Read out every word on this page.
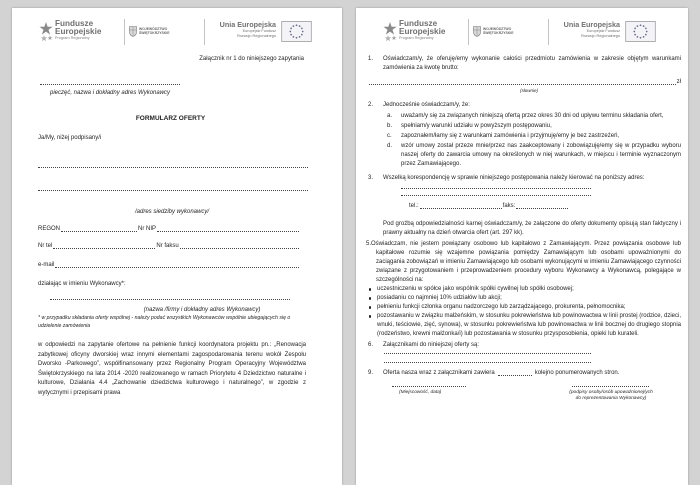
Fundusze
Europejskie
Program Regionalny
WOJEWÓDZTWO
ŚWIĘTOKRZYSKIE
Unia Europejska
Europejski Fundusz
Rozwoju Regionalnego
Załącznik nr 1 do niniejszego zapytania
pieczęć, nazwa i dokładny adres Wykonawcy
FORMULARZ OFERTY
Ja/My, niżej podpisany/i
/adres siedziby wykonawcy/
REGON	Nr NIP
Nr tel	Nr faksu
e-mail
działając w imieniu Wykonawcy*:
(nazwa /firmy i dokładny adres Wykonawcy)
* w przypadku składania oferty wspólnej - należy podać wszystkich Wykonawców wspólnie ubiegających się o udzielenie zamówienia
w odpowiedzi na zapytanie ofertowe na pełnienie funkcji koordynatora projektu pn.: „Renowacja zabytkowej oficyny dworskiej wraz innymi elementami zagospodarowania terenu wokół Zespołu Dworsko -Parkowego”, współfinansowany przez Regionalny Program Operacyjny Województwa Świętokrzyskiego na lata 2014 -2020 realizowanego w ramach Priorytetu 4 Dziedzictwo naturalne i kulturowe, Działania 4.4 „Zachowanie dziedzictwa kulturowego i naturalnego”, w zgodzie z wytycznymi i przepisami prawa
Fundusze
Europejskie
Program Regionalny
WOJEWÓDZTWO
ŚWIĘTOKRZYSKIE
Unia Europejska
Europejski Fundusz
Rozwoju Regionalnego
1.	Oświadczam/y, że oferuję/emy wykonanie całości przedmiotu zamówienia w zakresie objętym warunkami zamówienia za kwotę brutto:
zł
(słownie)
2.	Jednocześnie oświadczam/y, że:
a.	uważam/y się za związanych niniejszą ofertą przez okres 30 dni od upływu terminu składania ofert,
b.	spełniam/y warunki udziału w powyższym postępowaniu,
c.	zapoznałem/łamy się z warunkami zamówienia i przyjmuję/emy je bez zastrzeżeń,
d.	wzór umowy został przeze mnie/przez nas zaakceptowany i zobowiązuję/emy się w przypadku wyboru naszej oferty do zawarcia umowy na określonych w niej warunkach, w miejscu i terminie wyznaczonym przez Zamawiającego.
3.	Wszelką korespondencję w sprawie niniejszego postępowania należy kierować na poniższy adres:
tel.:	faks:
Pod groźbą odpowiedzialności karnej oświadczam/y, że załączone do oferty dokumenty opisują stan faktyczny i prawny aktualny na dzień otwarcia ofert (art. 297 kk).
5.Oświadczam, nie jestem powiązany osobowo lub kapitałowo z Zamawiającym. Przez powiązania osobowe lub kapitałowe rozumie się wzajemne powiązania pomiędzy Zamawiającym lub osobami upoważnionymi do zaciągania zobowiązań w imieniu Zamawiającego lub osobami wykonującymi w imieniu Zamawiającego czynności związane z przygotowaniem i przeprowadzeniem procedury wyboru Wykonawcy a Wykonawcą, polegające w szczególności na:
uczestniczeniu w spółce jako wspólnik spółki cywilnej lub spółki osobowej;
posiadaniu co najmniej 10% udziałów lub akcji;
pełnieniu funkcji członka organu nadzorczego lub zarządzającego, prokurenta, pełnomocnika;
pozostawaniu w związku małżeńskim, w stosunku pokrewieństwa lub powinowactwa w linii prostej (rodzice, dzieci, wnuki, teściowie, zięć, synowa), w stosunku pokrewieństwa lub powinowactwa w linii bocznej do drugiego stopnia (rodzeństwo, krewni małżonka/i) lub pozostawania w stosunku przysposobienia, opieki lub kurateli.
6.	Załącznikami do niniejszej oferty są:
9.	Oferta nasza wraz z załącznikami zawiera	kolejno ponumerowanych stron.
(Miejscowość, data)	(podpisy osoby/osób upoważnionej/ych
do reprezentowania Wykonawcy)
